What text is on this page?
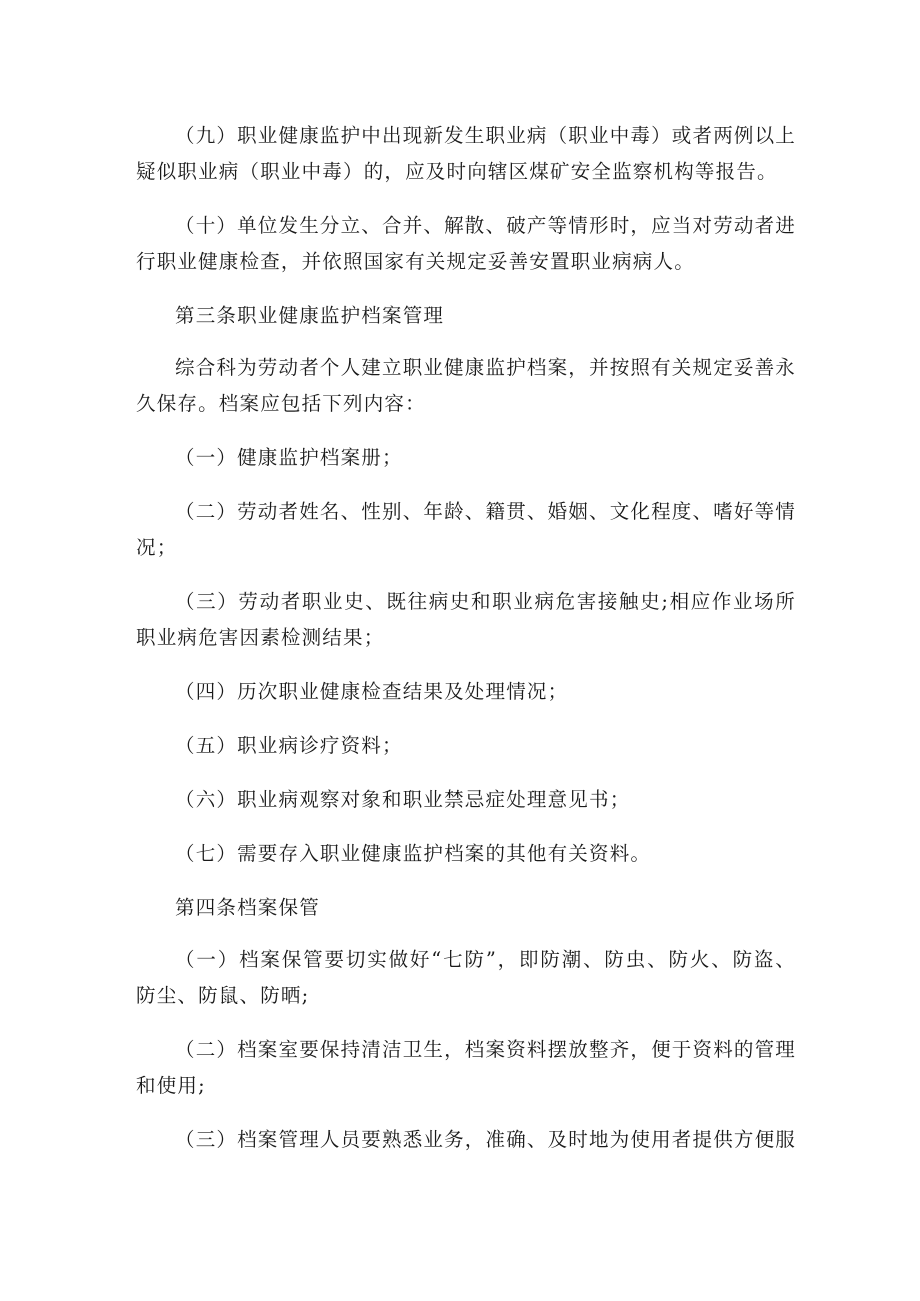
（九）职业健康监护中出现新发生职业病（职业中毒）或者两例以上疑似职业病（职业中毒）的，应及时向辖区煤矿安全监察机构等报告。

（十）单位发生分立、合并、解散、破产等情形时，应当对劳动者进行职业健康检查，并依照国家有关规定妥善安置职业病病人。

第三条职业健康监护档案管理

综合科为劳动者个人建立职业健康监护档案，并按照有关规定妥善永久保存。档案应包括下列内容：

（一）健康监护档案册；

（二）劳动者姓名、性别、年龄、籍贯、婚姻、文化程度、嗜好等情况；

（三）劳动者职业史、既往病史和职业病危害接触史;相应作业场所职业病危害因素检测结果；

（四）历次职业健康检查结果及处理情况；

（五）职业病诊疗资料；

（六）职业病观察对象和职业禁忌症处理意见书；

（七）需要存入职业健康监护档案的其他有关资料。

第四条档案保管

（一）档案保管要切实做好“七防”，即防潮、防虫、防火、防盗、防尘、防鼠、防晒;

（二）档案室要保持清洁卫生，档案资料摆放整齐，便于资料的管理和使用;

（三）档案管理人员要熟悉业务，准确、及时地为使用者提供方便服
